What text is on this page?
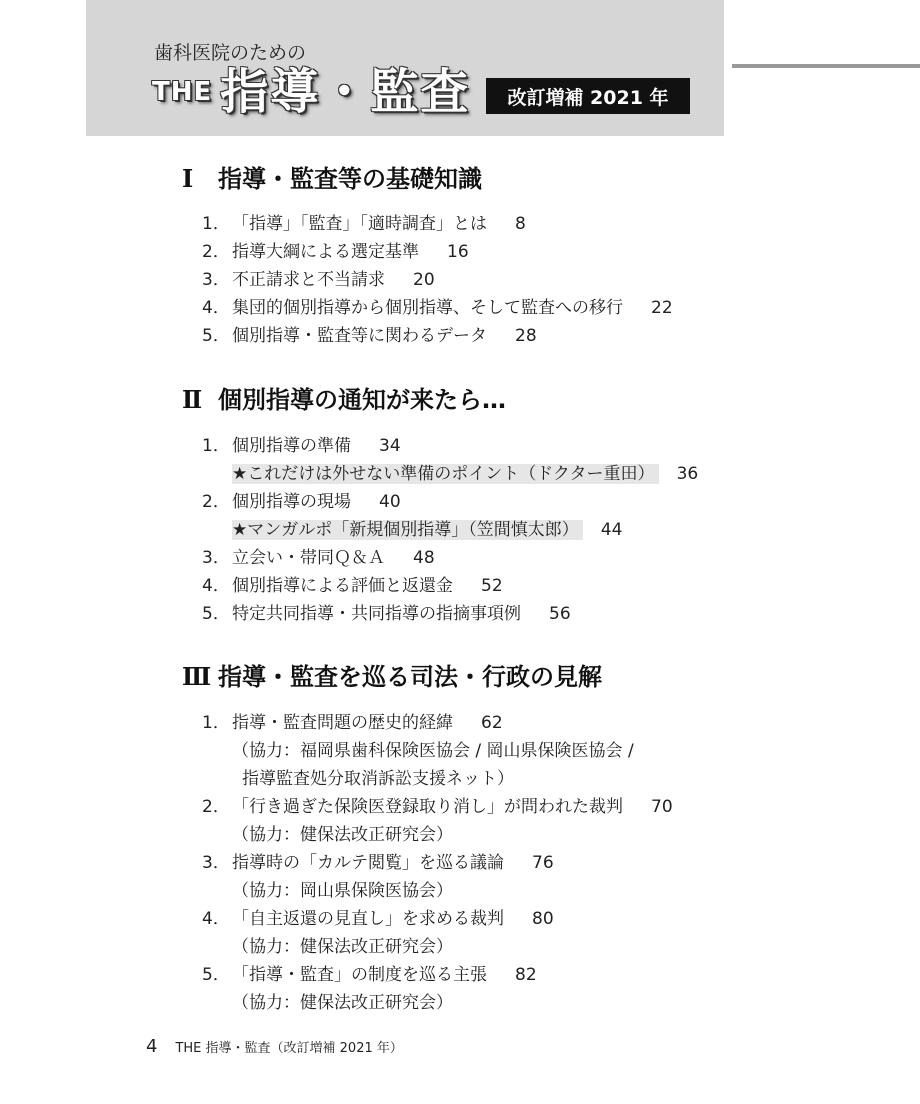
歯科医院のための
THE 指導・監査	改訂増補 2021 年
Ⅰ 指導・監査等の基礎知識
1． 「指導」「監査」「適時調査」とは 8
2． 指導大綱による選定基準 16
3． 不正請求と不当請求 20
4． 集団的個別指導から個別指導、そして監査への移行 22
5． 個別指導・監査等に関わるデータ 28
Ⅱ 個別指導の通知が来たら…
1． 個別指導の準備 34
★これだけは外せない準備のポイント（ドクター重田） 36
2． 個別指導の現場 40
★マンガルポ「新規個別指導」（笠間慎太郎） 44
3． 立会い・帯同Ｑ＆Ａ 48
4． 個別指導による評価と返還金 52
5． 特定共同指導・共同指導の指摘事項例 56
Ⅲ 指導・監査を巡る司法・行政の見解
1． 指導・監査問題の歴史的経緯 62
（協力：福岡県歯科保険医協会 / 岡山県保険医協会 /
指導監査処分取消訴訟支援ネット）
2． 「行き過ぎた保険医登録取り消し」が問われた裁判 70
（協力：健保法改正研究会）
3． 指導時の「カルテ閲覧」を巡る議論 76
（協力：岡山県保険医協会）
4． 「自主返還の見直し」を求める裁判 80
（協力：健保法改正研究会）
5． 「指導・監査」の制度を巡る主張 82
（協力：健保法改正研究会）
4 THE 指導・監査（改訂増補 2021 年）
